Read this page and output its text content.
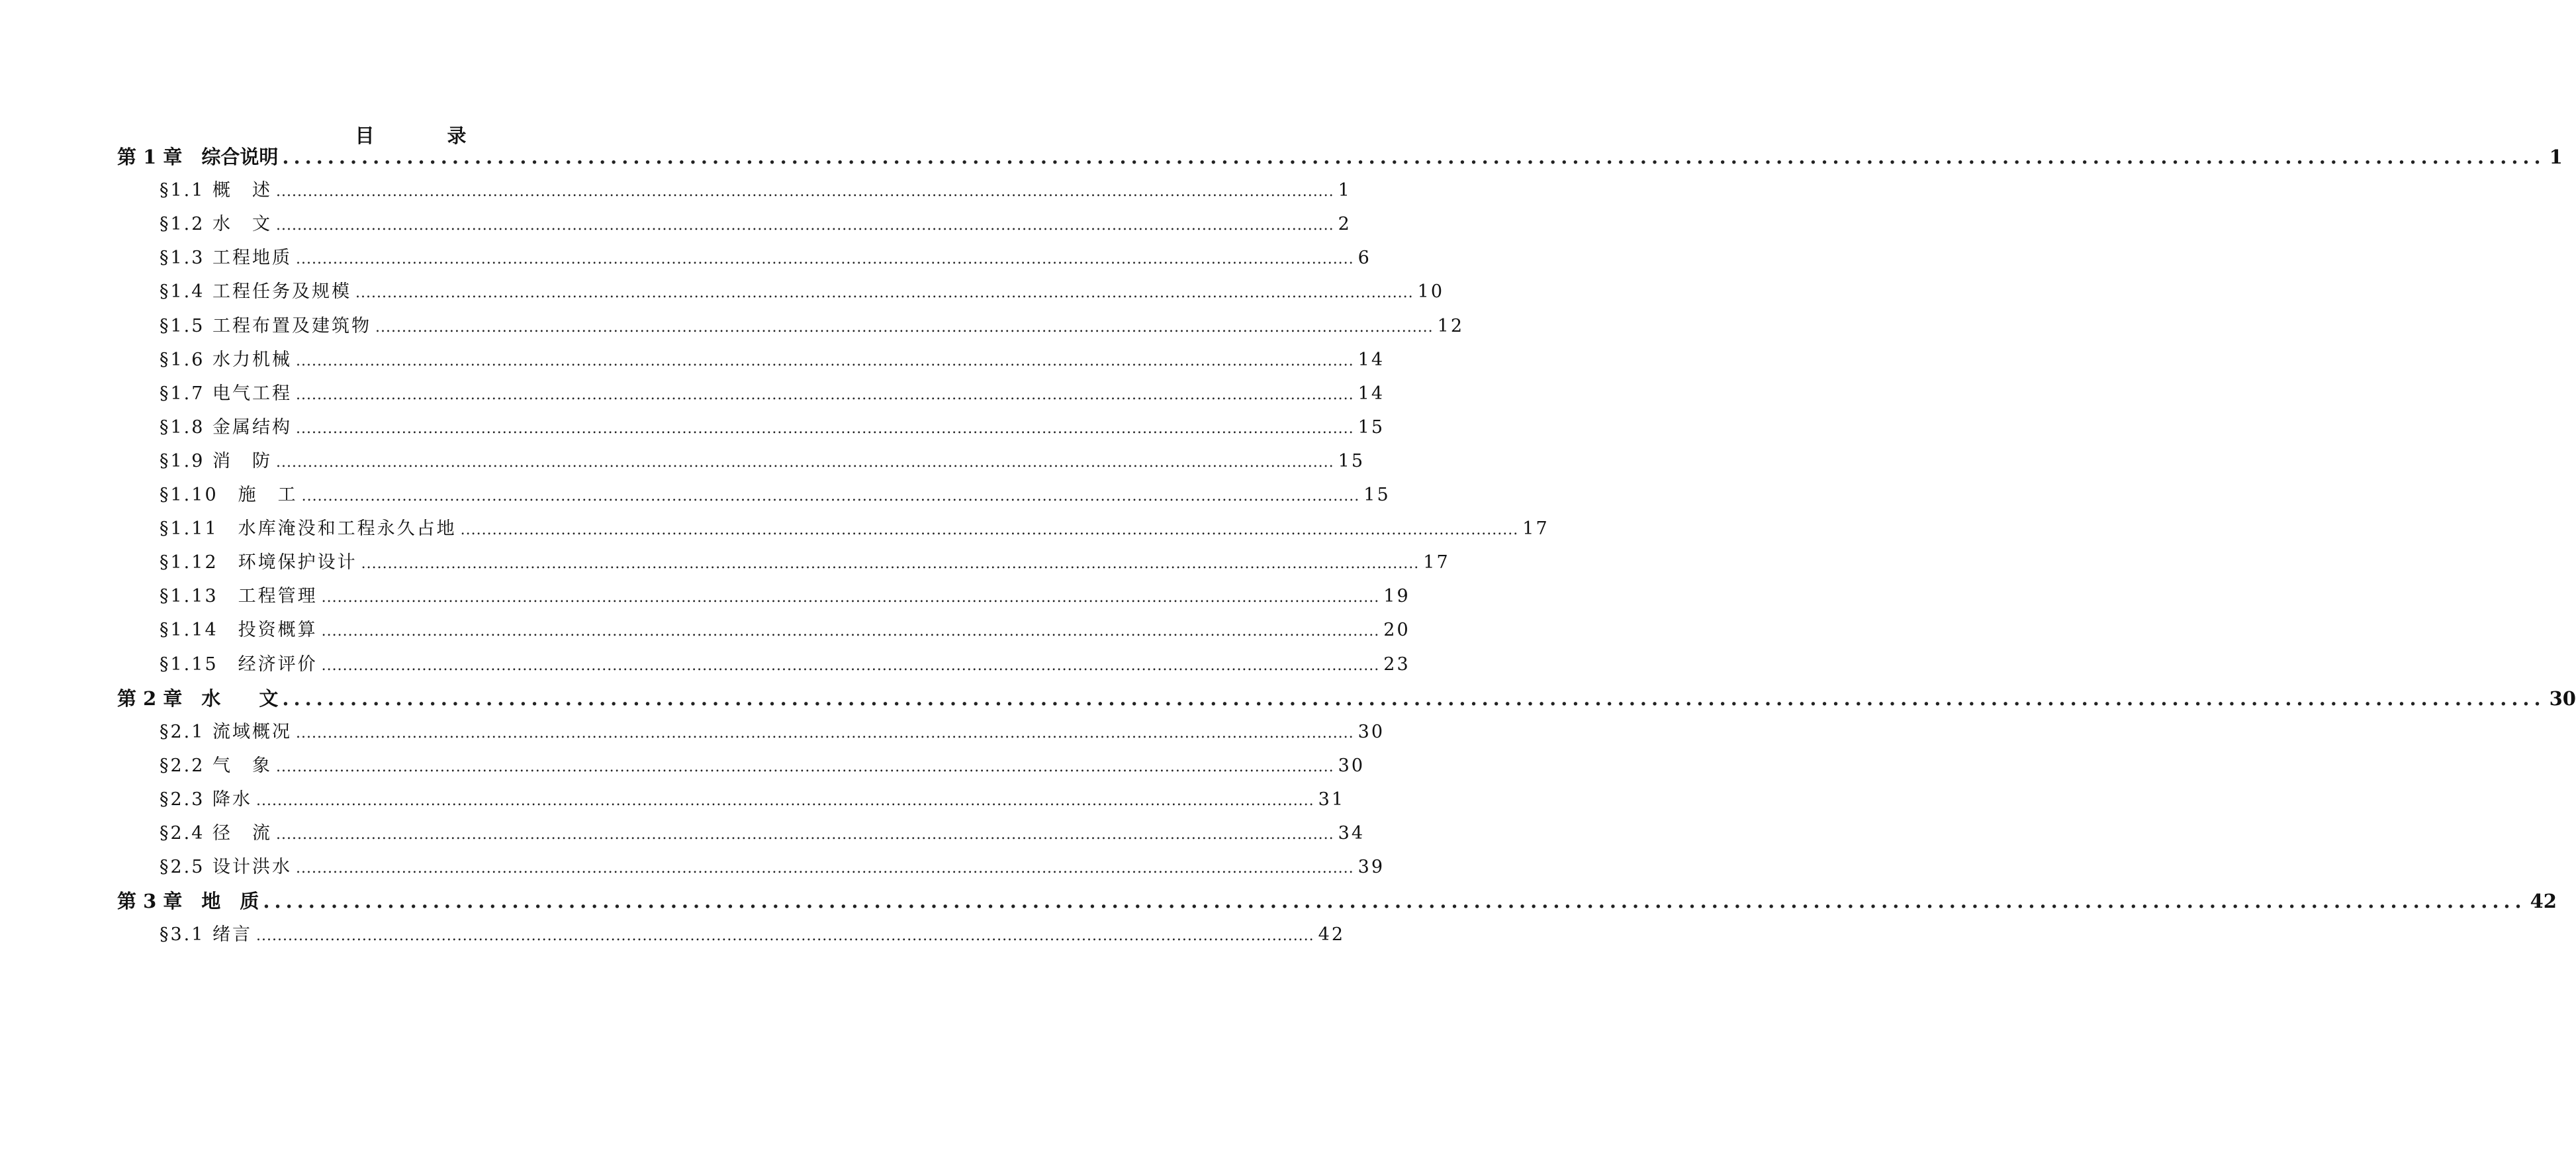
目 录
第 1 章　综合说明 ........................................................................................................................................................................................................ 1
§1.1 概　述 ........................................................................................................................................................................................................ 1
§1.2 水　文 ........................................................................................................................................................................................................ 2
§1.3 工程地质 ........................................................................................................................................................................................................ 6
§1.4 工程任务及规模 ........................................................................................................................................................................................................ 10
§1.5 工程布置及建筑物 ........................................................................................................................................................................................................ 12
§1.6 水力机械 ........................................................................................................................................................................................................ 14
§1.7 电气工程 ........................................................................................................................................................................................................ 14
§1.8 金属结构 ........................................................................................................................................................................................................ 15
§1.9 消　防 ........................................................................................................................................................................................................ 15
§1.10　施　工 ........................................................................................................................................................................................................ 15
§1.11　水库淹没和工程永久占地 ........................................................................................................................................................................................................ 17
§1.12　环境保护设计 ........................................................................................................................................................................................................ 17
§1.13　工程管理 ........................................................................................................................................................................................................ 19
§1.14　投资概算 ........................................................................................................................................................................................................ 20
§1.15　经济评价 ........................................................................................................................................................................................................ 23
第 2 章　水　　文 ........................................................................................................................................................................................................ 30
§2.1 流域概况 ........................................................................................................................................................................................................ 30
§2.2 气　象 ........................................................................................................................................................................................................ 30
§2.3 降水 ........................................................................................................................................................................................................ 31
§2.4 径　流 ........................................................................................................................................................................................................ 34
§2.5 设计洪水 ........................................................................................................................................................................................................ 39
第 3 章　地　质 ........................................................................................................................................................................................................ 42
§3.1 绪言 ........................................................................................................................................................................................................ 42
